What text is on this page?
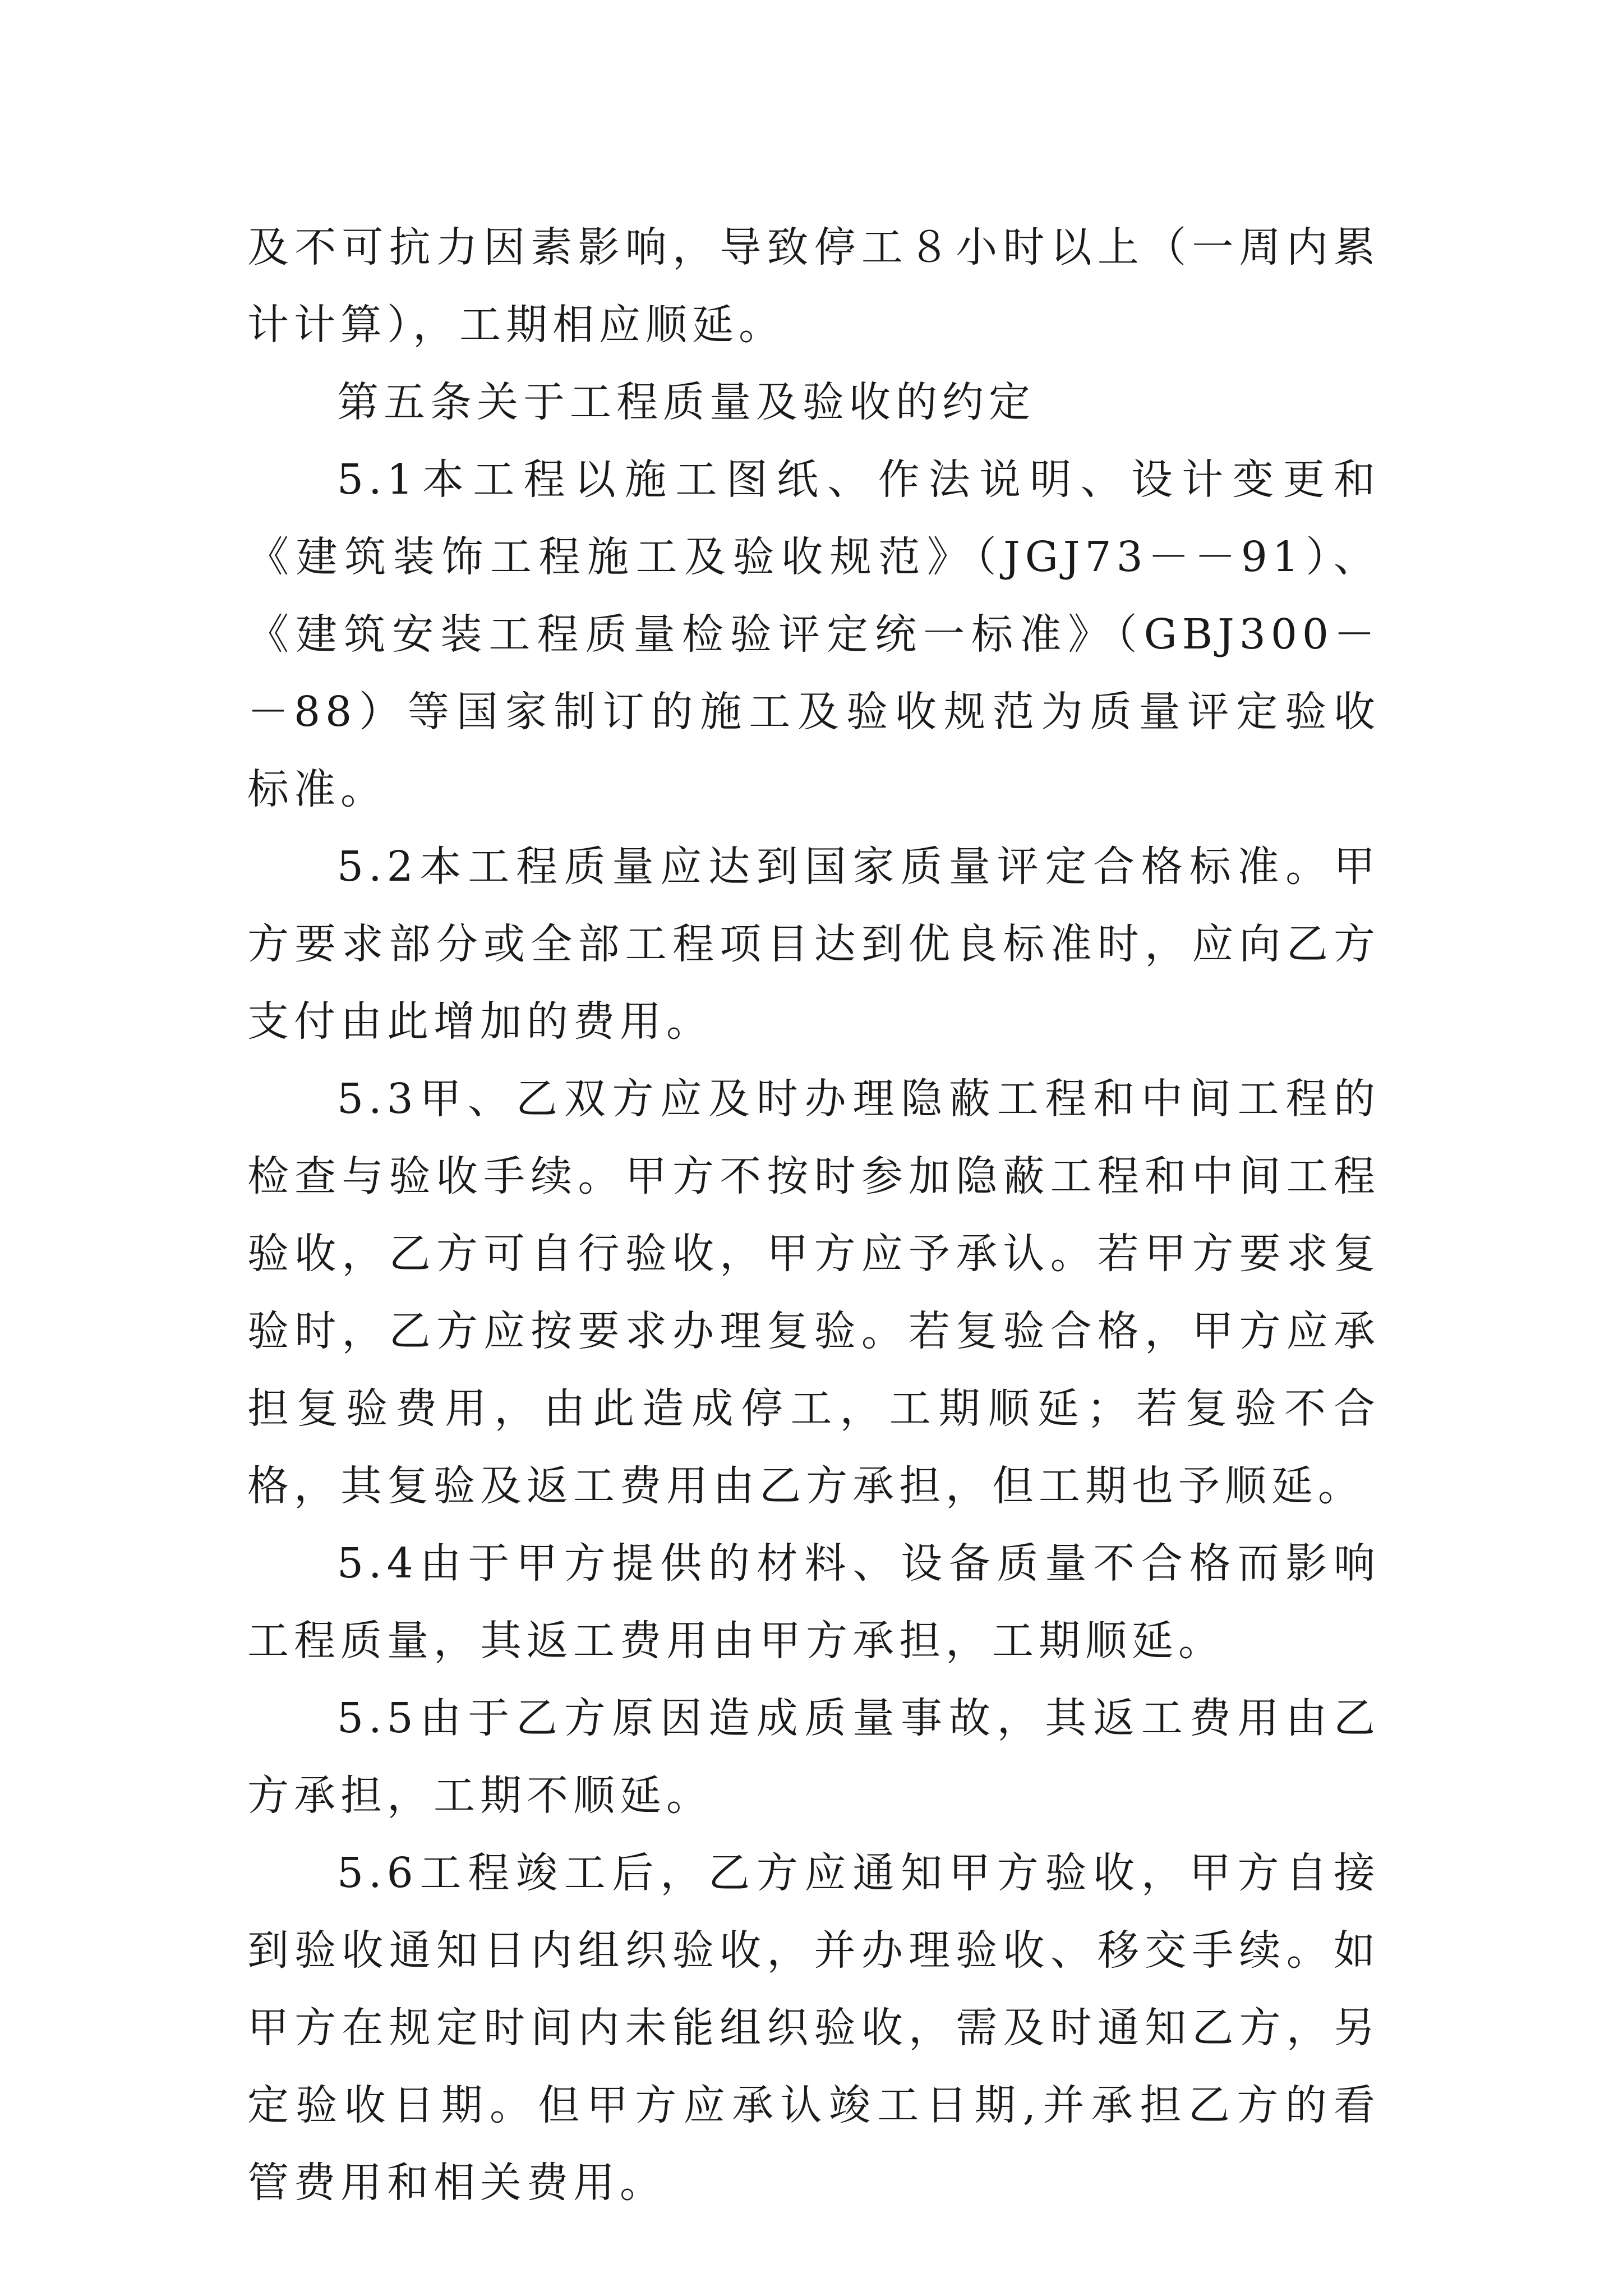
及不可抗力因素影响，导致停工８小时以上（一周内累计计算），工期相应顺延。

第五条关于工程质量及验收的约定

5.1本工程以施工图纸、作法说明、设计变更和《建筑装饰工程施工及验收规范》（JGJ73－－91）、《建筑安装工程质量检验评定统一标准》（GBJ300－－88）等国家制订的施工及验收规范为质量评定验收标准。

5.2本工程质量应达到国家质量评定合格标准。甲方要求部分或全部工程项目达到优良标准时，应向乙方支付由此增加的费用。

5.3甲、乙双方应及时办理隐蔽工程和中间工程的检查与验收手续。甲方不按时参加隐蔽工程和中间工程验收，乙方可自行验收，甲方应予承认。若甲方要求复验时，乙方应按要求办理复验。若复验合格，甲方应承担复验费用，由此造成停工，工期顺延；若复验不合格，其复验及返工费用由乙方承担，但工期也予顺延。

5.4由于甲方提供的材料、设备质量不合格而影响工程质量，其返工费用由甲方承担，工期顺延。

5.5由于乙方原因造成质量事故，其返工费用由乙方承担，工期不顺延。

5.6工程竣工后，乙方应通知甲方验收，甲方自接到验收通知日内组织验收，并办理验收、移交手续。如甲方在规定时间内未能组织验收，需及时通知乙方，另定验收日期。但甲方应承认竣工日期,并承担乙方的看管费用和相关费用。
